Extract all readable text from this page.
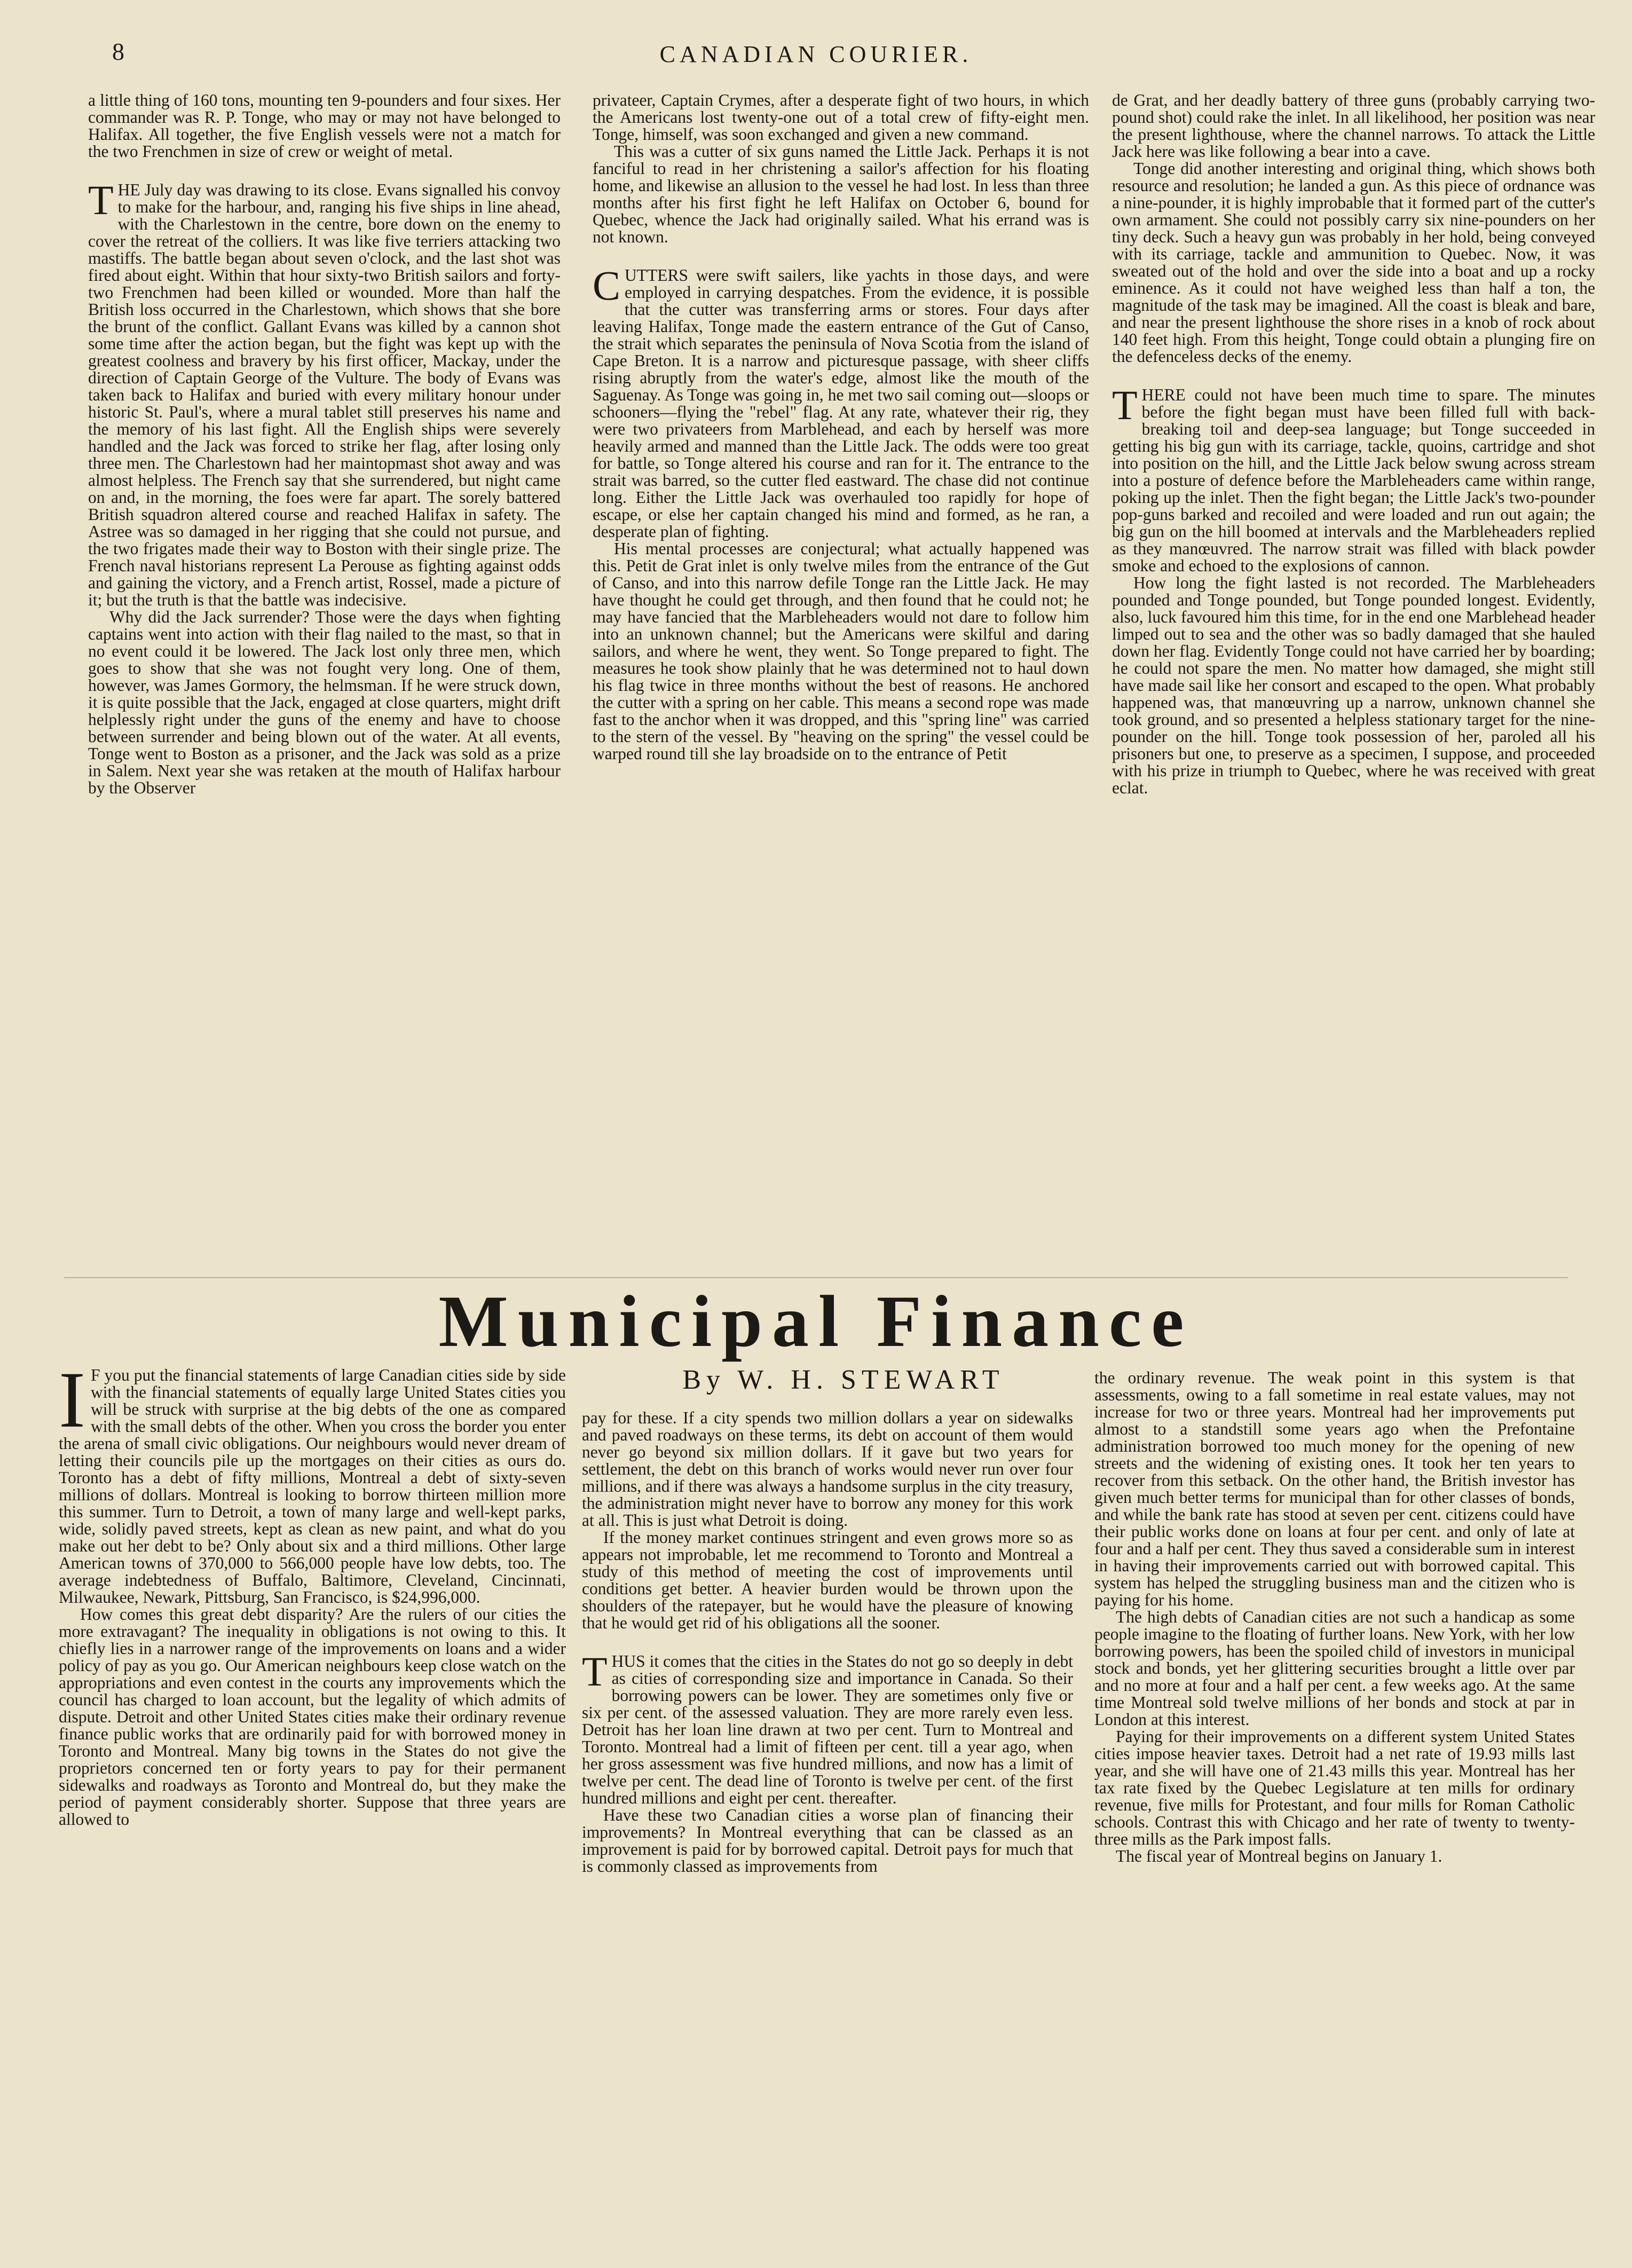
8	CANADIAN COURIER.

a little thing of 160 tons, mounting ten 9-pounders and four sixes. Her commander was R. P. Tonge, who may or may not have belonged to Halifax. All together, the five English vessels were not a match for the two Frenchmen in size of crew or weight of metal.

THE July day was drawing to its close. Evans signalled his convoy to make for the harbour, and, ranging his five ships in line ahead, with the Charlestown in the centre, bore down on the enemy to cover the retreat of the colliers. It was like five terriers attacking two mastiffs. The battle began about seven o'clock, and the last shot was fired about eight. Within that hour sixty-two British sailors and forty-two Frenchmen had been killed or wounded. More than half the British loss occurred in the Charlestown, which shows that she bore the brunt of the conflict. Gallant Evans was killed by a cannon shot some time after the action began, but the fight was kept up with the greatest coolness and bravery by his first officer, Mackay, under the direction of Captain George of the Vulture. The body of Evans was taken back to Halifax and buried with every military honour under historic St. Paul's, where a mural tablet still preserves his name and the memory of his last fight. All the English ships were severely handled and the Jack was forced to strike her flag, after losing only three men. The Charlestown had her maintopmast shot away and was almost helpless. The French say that she surrendered, but night came on and, in the morning, the foes were far apart. The sorely battered British squadron altered course and reached Halifax in safety. The Astree was so damaged in her rigging that she could not pursue, and the two frigates made their way to Boston with their single prize. The French naval historians represent La Perouse as fighting against odds and gaining the victory, and a French artist, Rossel, made a picture of it; but the truth is that the battle was indecisive.

Why did the Jack surrender? Those were the days when fighting captains went into action with their flag nailed to the mast, so that in no event could it be lowered. The Jack lost only three men, which goes to show that she was not fought very long. One of them, however, was James Gormory, the helmsman. If he were struck down, it is quite possible that the Jack, engaged at close quarters, might drift helplessly right under the guns of the enemy and have to choose between surrender and being blown out of the water. At all events, Tonge went to Boston as a prisoner, and the Jack was sold as a prize in Salem. Next year she was retaken at the mouth of Halifax harbour by the Observer

privateer, Captain Crymes, after a desperate fight of two hours, in which the Americans lost twenty-one out of a total crew of fifty-eight men. Tonge, himself, was soon exchanged and given a new command.

This was a cutter of six guns named the Little Jack. Perhaps it is not fanciful to read in her christening a sailor's affection for his floating home, and likewise an allusion to the vessel he had lost. In less than three months after his first fight he left Halifax on October 6, bound for Quebec, whence the Jack had originally sailed. What his errand was is not known.

CUTTERS were swift sailers, like yachts in those days, and were employed in carrying despatches. From the evidence, it is possible that the cutter was transferring arms or stores. Four days after leaving Halifax, Tonge made the eastern entrance of the Gut of Canso, the strait which separates the peninsula of Nova Scotia from the island of Cape Breton. It is a narrow and picturesque passage, with sheer cliffs rising abruptly from the water's edge, almost like the mouth of the Saguenay. As Tonge was going in, he met two sail coming out—sloops or schooners—flying the "rebel" flag. At any rate, whatever their rig, they were two privateers from Marblehead, and each by herself was more heavily armed and manned than the Little Jack. The odds were too great for battle, so Tonge altered his course and ran for it. The entrance to the strait was barred, so the cutter fled eastward. The chase did not continue long. Either the Little Jack was overhauled too rapidly for hope of escape, or else her captain changed his mind and formed, as he ran, a desperate plan of fighting.

His mental processes are conjectural; what actually happened was this. Petit de Grat inlet is only twelve miles from the entrance of the Gut of Canso, and into this narrow defile Tonge ran the Little Jack. He may have thought he could get through, and then found that he could not; he may have fancied that the Marbleheaders would not dare to follow him into an unknown channel; but the Americans were skilful and daring sailors, and where he went, they went. So Tonge prepared to fight. The measures he took show plainly that he was determined not to haul down his flag twice in three months without the best of reasons. He anchored the cutter with a spring on her cable. This means a second rope was made fast to the anchor when it was dropped, and this "spring line" was carried to the stern of the vessel. By "heaving on the spring" the vessel could be warped round till she lay broadside on to the entrance of Petit

de Grat, and her deadly battery of three guns (probably carrying two-pound shot) could rake the inlet. In all likelihood, her position was near the present lighthouse, where the channel narrows. To attack the Little Jack here was like following a bear into a cave.

Tonge did another interesting and original thing, which shows both resource and resolution; he landed a gun. As this piece of ordnance was a nine-pounder, it is highly improbable that it formed part of the cutter's own armament. She could not possibly carry six nine-pounders on her tiny deck. Such a heavy gun was probably in her hold, being conveyed with its carriage, tackle and ammunition to Quebec. Now, it was sweated out of the hold and over the side into a boat and up a rocky eminence. As it could not have weighed less than half a ton, the magnitude of the task may be imagined. All the coast is bleak and bare, and near the present lighthouse the shore rises in a knob of rock about 140 feet high. From this height, Tonge could obtain a plunging fire on the defenceless decks of the enemy.

THERE could not have been much time to spare. The minutes before the fight began must have been filled full with back-breaking toil and deep-sea language; but Tonge succeeded in getting his big gun with its carriage, tackle, quoins, cartridge and shot into position on the hill, and the Little Jack below swung across stream into a posture of defence before the Marbleheaders came within range, poking up the inlet. Then the fight began; the Little Jack's two-pounder pop-guns barked and recoiled and were loaded and run out again; the big gun on the hill boomed at intervals and the Marbleheaders replied as they manœuvred. The narrow strait was filled with black powder smoke and echoed to the explosions of cannon.

How long the fight lasted is not recorded. The Marbleheaders pounded and Tonge pounded, but Tonge pounded longest. Evidently, also, luck favoured him this time, for in the end one Marblehead header limped out to sea and the other was so badly damaged that she hauled down her flag. Evidently Tonge could not have carried her by boarding; he could not spare the men. No matter how damaged, she might still have made sail like her consort and escaped to the open. What probably happened was, that manœuvring up a narrow, unknown channel she took ground, and so presented a helpless stationary target for the nine-pounder on the hill. Tonge took possession of her, paroled all his prisoners but one, to preserve as a specimen, I suppose, and proceeded with his prize in triumph to Quebec, where he was received with great eclat.

Municipal Finance
By W. H. STEWART

I F you put the financial statements of large Canadian cities side by side with the financial statements of equally large United States cities you will be struck with surprise at the big debts of the one as compared with the small debts of the other. When you cross the border you enter the arena of small civic obligations. Our neighbours would never dream of letting their councils pile up the mortgages on their cities as ours do. Toronto has a debt of fifty millions, Montreal a debt of sixty-seven millions of dollars. Montreal is looking to borrow thirteen million more this summer. Turn to Detroit, a town of many large and well-kept parks, wide, solidly paved streets, kept as clean as new paint, and what do you make out her debt to be? Only about six and a third millions. Other large American towns of 370,000 to 566,000 people have low debts, too. The average indebtedness of Buffalo, Baltimore, Cleveland, Cincinnati, Milwaukee, Newark, Pittsburg, San Francisco, is $24,996,000.

How comes this great debt disparity? Are the rulers of our cities the more extravagant? The inequality in obligations is not owing to this. It chiefly lies in a narrower range of the improvements on loans and a wider policy of pay as you go. Our American neighbours keep close watch on the appropriations and even contest in the courts any improvements which the council has charged to loan account, but the legality of which admits of dispute. Detroit and other United States cities make their ordinary revenue finance public works that are ordinarily paid for with borrowed money in Toronto and Montreal. Many big towns in the States do not give the proprietors concerned ten or forty years to pay for their permanent sidewalks and roadways as Toronto and Montreal do, but they make the period of payment considerably shorter. Suppose that three years are allowed to

pay for these. If a city spends two million dollars a year on sidewalks and paved roadways on these terms, its debt on account of them would never go beyond six million dollars. If it gave but two years for settlement, the debt on this branch of works would never run over four millions, and if there was always a handsome surplus in the city treasury, the administration might never have to borrow any money for this work at all. This is just what Detroit is doing.

If the money market continues stringent and even grows more so as appears not improbable, let me recommend to Toronto and Montreal a study of this method of meeting the cost of improvements until conditions get better. A heavier burden would be thrown upon the shoulders of the ratepayer, but he would have the pleasure of knowing that he would get rid of his obligations all the sooner.

THUS it comes that the cities in the States do not go so deeply in debt as cities of corresponding size and importance in Canada. So their borrowing powers can be lower. They are sometimes only five or six per cent. of the assessed valuation. They are more rarely even less. Detroit has her loan line drawn at two per cent. Turn to Montreal and Toronto. Montreal had a limit of fifteen per cent. till a year ago, when her gross assessment was five hundred millions, and now has a limit of twelve per cent. The dead line of Toronto is twelve per cent. of the first hundred millions and eight per cent. thereafter.

Have these two Canadian cities a worse plan of financing their improvements? In Montreal everything that can be classed as an improvement is paid for by borrowed capital. Detroit pays for much that is commonly classed as improvements from

the ordinary revenue. The weak point in this system is that assessments, owing to a fall sometime in real estate values, may not increase for two or three years. Montreal had her improvements put almost to a standstill some years ago when the Prefontaine administration borrowed too much money for the opening of new streets and the widening of existing ones. It took her ten years to recover from this setback. On the other hand, the British investor has given much better terms for municipal than for other classes of bonds, and while the bank rate has stood at seven per cent. citizens could have their public works done on loans at four per cent. and only of late at four and a half per cent. They thus saved a considerable sum in interest in having their improvements carried out with borrowed capital. This system has helped the struggling business man and the citizen who is paying for his home.

The high debts of Canadian cities are not such a handicap as some people imagine to the floating of further loans. New York, with her low borrowing powers, has been the spoiled child of investors in municipal stock and bonds, yet her glittering securities brought a little over par and no more at four and a half per cent. a few weeks ago. At the same time Montreal sold twelve millions of her bonds and stock at par in London at this interest.

Paying for their improvements on a different system United States cities impose heavier taxes. Detroit had a net rate of 19.93 mills last year, and she will have one of 21.43 mills this year. Montreal has her tax rate fixed by the Quebec Legislature at ten mills for ordinary revenue, five mills for Protestant, and four mills for Roman Catholic schools. Contrast this with Chicago and her rate of twenty to twenty-three mills as the Park impost falls.

The fiscal year of Montreal begins on January 1.
